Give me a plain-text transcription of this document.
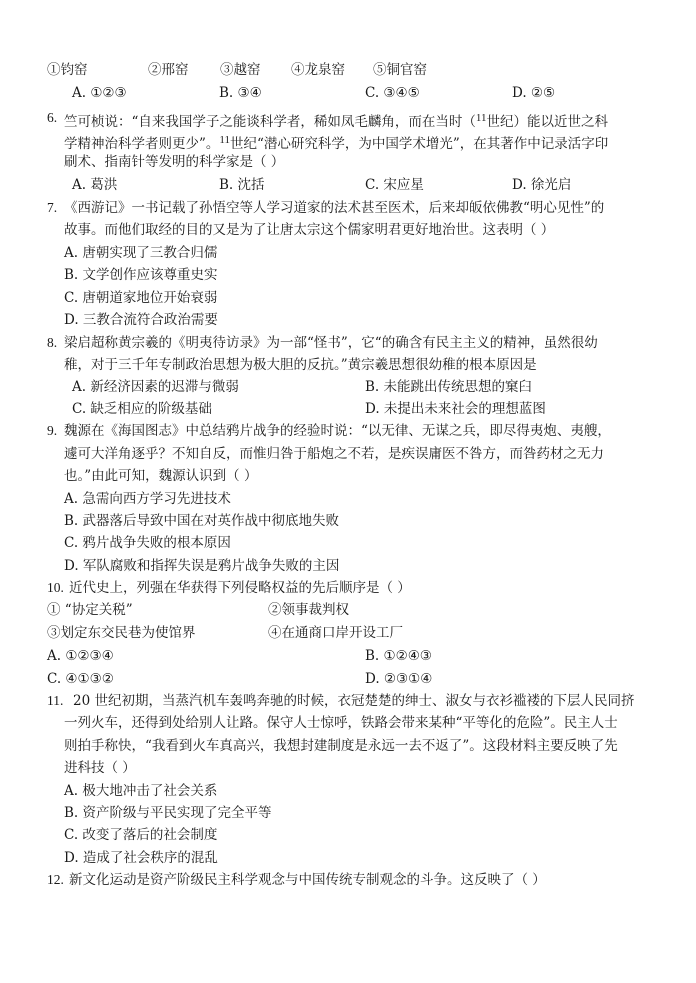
①钧窑	②邢窑 ③越窑 ④龙泉窑 ⑤铜官窑
A. ①②③	B. ③④	C. ③④⑤	D. ②⑤
6. 竺可桢说：“自来我国学子之能谈科学者，稀如凤毛麟角，而在当时（$^{11}$世纪）能以近世之科
学精神治科学者则更少”。$^{11}$世纪“潜心研究科学，为中国学术增光”，在其著作中记录活字印
刷术、指南针等发明的科学家是（ ）
A. 葛洪	B. 沈括	C. 宋应星	D. 徐光启
7. 《西游记》一书记载了孙悟空等人学习道家的法术甚至医术，后来却皈依佛教“明心见性”的
故事。而他们取经的目的又是为了让唐太宗这个儒家明君更好地治世。这表明（ ）
A. 唐朝实现了三教合归儒
B. 文学创作应该尊重史实
C. 唐朝道家地位开始衰弱
D. 三教合流符合政治需要
8. 梁启超称黄宗羲的《明夷待访录》为一部“怪书”，它“的确含有民主主义的精神，虽然很幼
稚，对于三千年专制政治思想为极大胆的反抗。”黄宗羲思想很幼稚的根本原因是
A. 新经济因素的迟滞与微弱	B. 未能跳出传统思想的窠臼
C. 缺乏相应的阶级基础	D. 未提出未来社会的理想蓝图
9. 魏源在《海国图志》中总结鸦片战争的经验时说：“以无律、无谋之兵，即尽得夷炮、夷艘，
遽可大洋角逐乎？不知自反，而惟归咎于船炮之不若，是疾误庸医不咎方，而咎药材之无力
也。”由此可知，魏源认识到（ ）
A. 急需向西方学习先进技术
B. 武器落后导致中国在对英作战中彻底地失败
C. 鸦片战争失败的根本原因
D. 军队腐败和指挥失误是鸦片战争失败的主因
10. 近代史上，列强在华获得下列侵略权益的先后顺序是（ ）
① “协定关税”	②领事裁判权
③划定东交民巷为使馆界	④在通商口岸开设工厂
A. ①②③④	B. ①②④③
C. ④①③②	D. ②③①④
11. 20 世纪初期，当蒸汽机车轰鸣奔驰的时候，衣冠楚楚的绅士、淑女与衣衫褴褛的下层人民同挤
一列火车，还得到处给别人让路。保守人士惊呼，铁路会带来某种“平等化的危险”。民主人士
则拍手称快，“我看到火车真高兴，我想封建制度是永远一去不返了”。这段材料主要反映了先
进科技（ ）
A. 极大地冲击了社会关系
B. 资产阶级与平民实现了完全平等
C. 改变了落后的社会制度
D. 造成了社会秩序的混乱
12. 新文化运动是资产阶级民主科学观念与中国传统专制观念的斗争。这反映了（ ）
